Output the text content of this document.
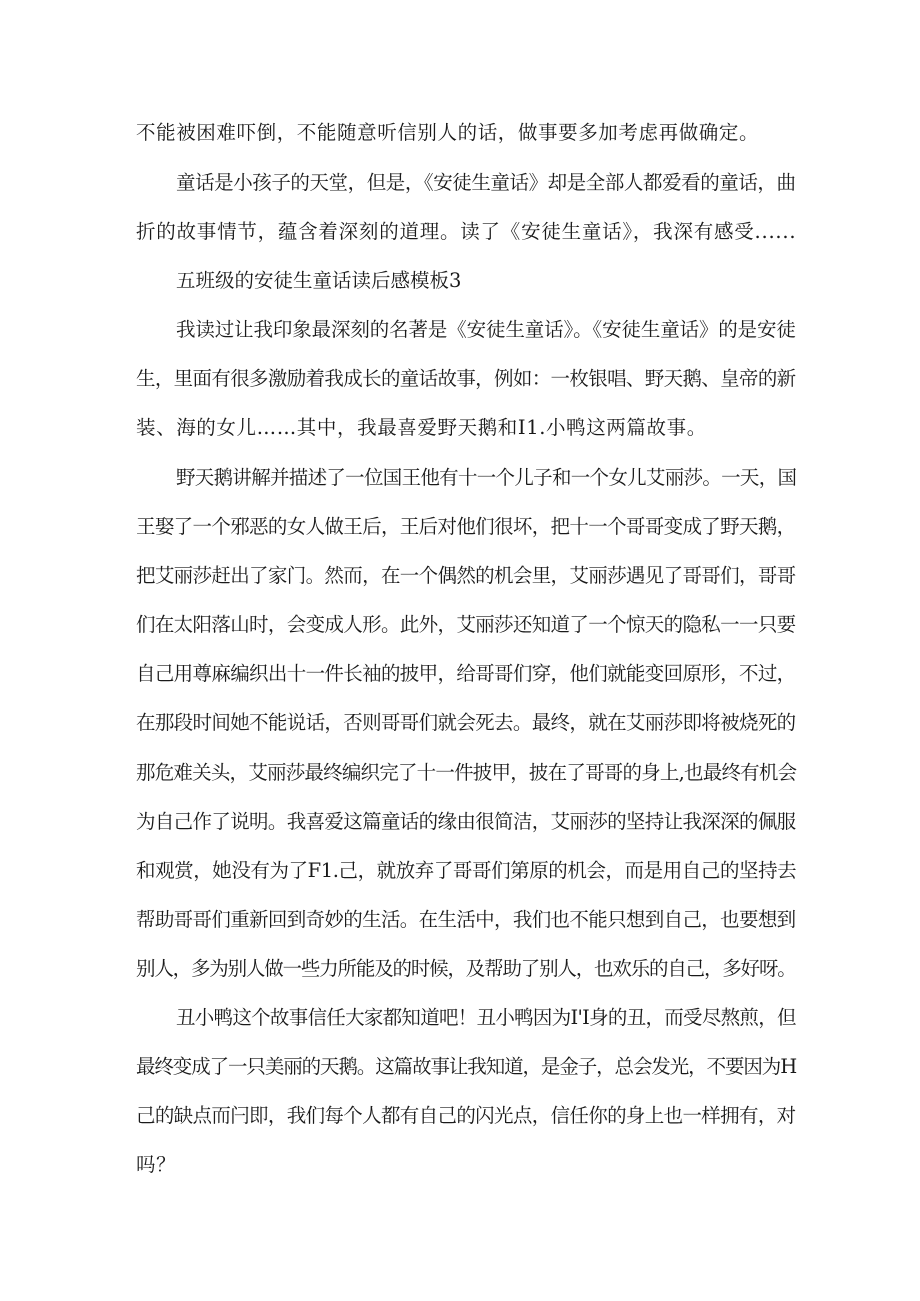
不能被困难吓倒，不能随意听信别人的话，做事要多加考虑再做确定。
童话是小孩子的天堂，但是，《安徒生童话》却是全部人都爱看的童话，曲
折的故事情节，蕴含着深刻的道理。读了《安徒生童话》，我深有感受......
五班级的安徒生童话读后感模板3
我读过让我印象最深刻的名著是《安徒生童话》。《安徒生童话》的是安徒
生，里面有很多激励着我成长的童话故事，例如：一枚银唱、野天鹅、皇帝的新
装、海的女儿……其中，我最喜爱野天鹅和I1.小鸭这两篇故事。
野天鹅讲解并描述了一位国王他有十一个儿子和一个女儿艾丽莎。一天，国
王娶了一个邪恶的女人做王后，王后对他们很坏，把十一个哥哥变成了野天鹅，
把艾丽莎赶出了家门。然而，在一个偶然的机会里，艾丽莎遇见了哥哥们，哥哥
们在太阳落山时，会变成人形。此外，艾丽莎还知道了一个惊天的隐私一一只要
自己用尊麻编织出十一件长袖的披甲，给哥哥们穿，他们就能变回原形，不过，
在那段时间她不能说话，否则哥哥们就会死去。最终，就在艾丽莎即将被烧死的
那危难关头，艾丽莎最终编织完了十一件披甲，披在了哥哥的身上,也最终有机会
为自己作了说明。我喜爱这篇童话的缘由很简洁，艾丽莎的坚持让我深深的佩服
和观赏，她没有为了F1.己，就放弃了哥哥们第原的机会，而是用自己的坚持去
帮助哥哥们重新回到奇妙的生活。在生活中，我们也不能只想到自己，也要想到
别人，多为别人做一些力所能及的时候，及帮助了别人，也欢乐的自己，多好呀。
丑小鸭这个故事信任大家都知道吧！丑小鸭因为I'I身的丑，而受尽熬煎，但
最终变成了一只美丽的天鹅。这篇故事让我知道，是金子，总会发光，不要因为H
己的缺点而闩即，我们每个人都有自己的闪光点，信任你的身上也一样拥有，对
吗？
